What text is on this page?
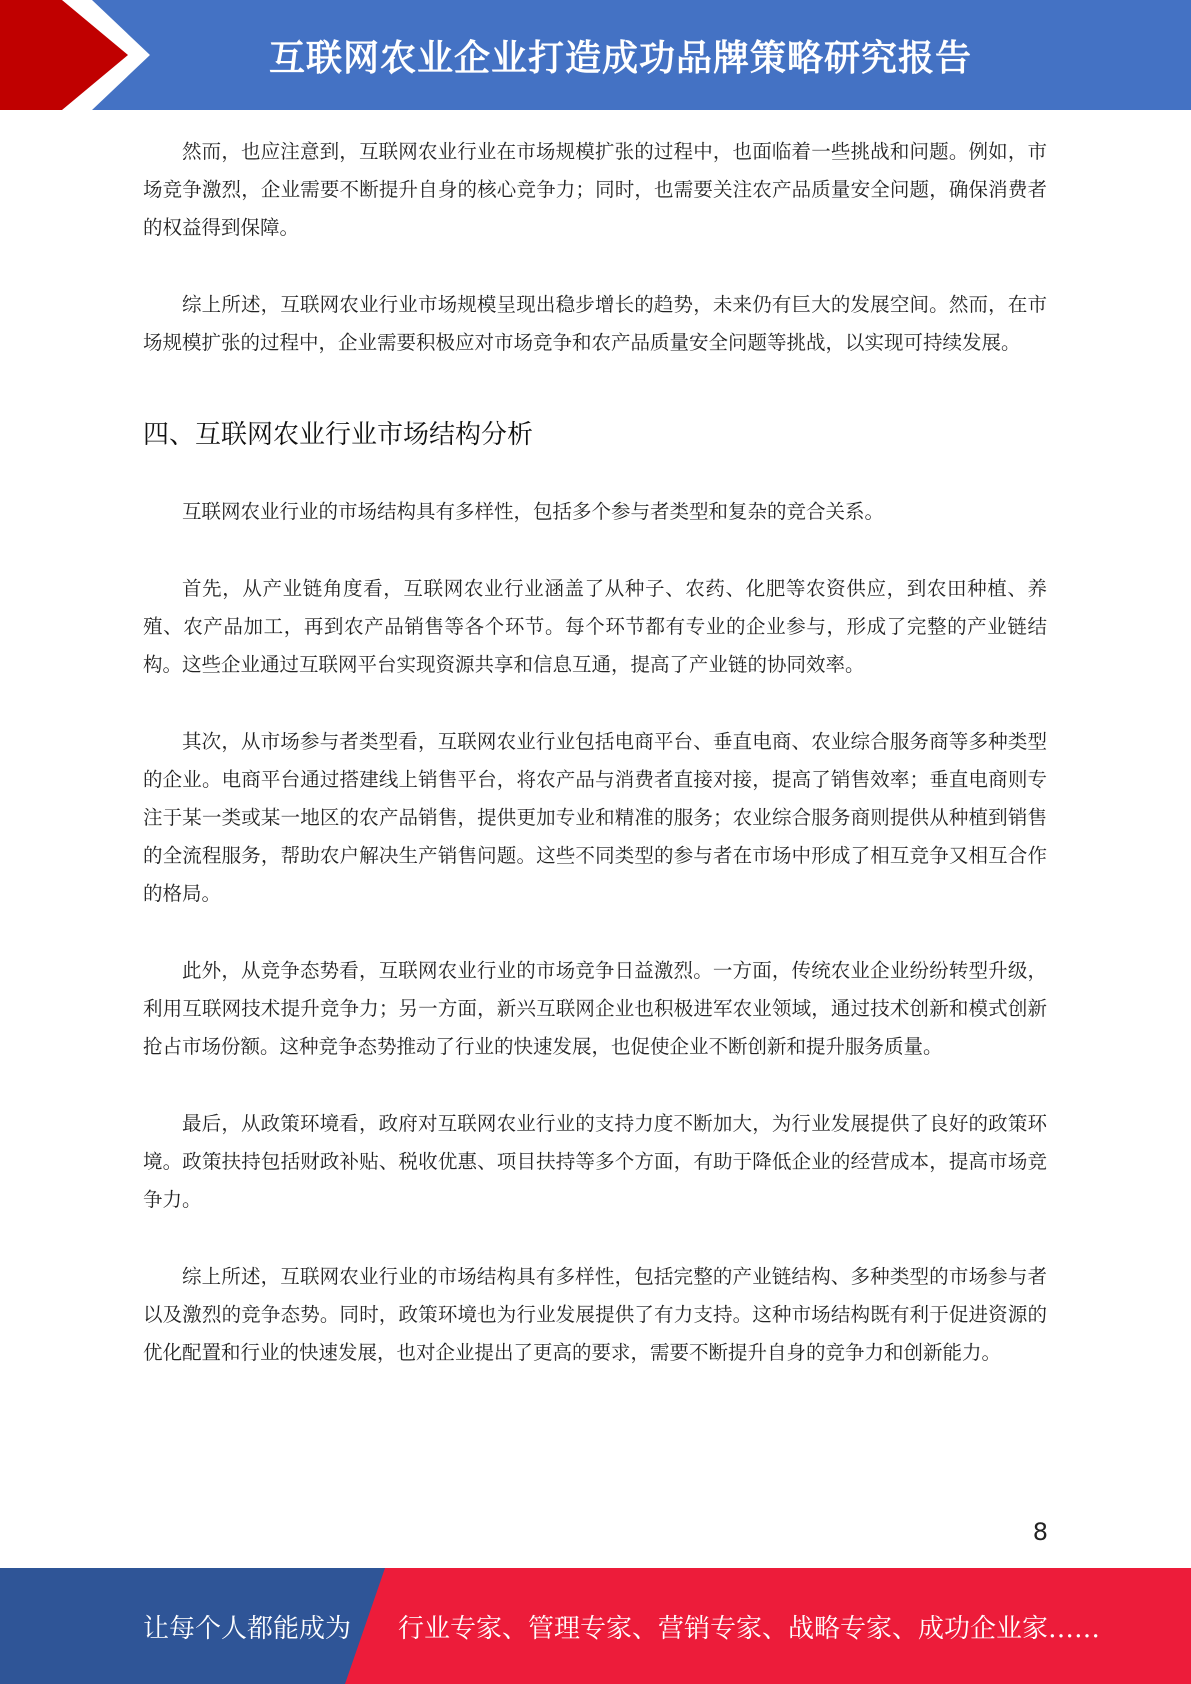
互联网农业企业打造成功品牌策略研究报告

然而，也应注意到，互联网农业行业在市场规模扩张的过程中，也面临着一些挑战和问题。例如，市场竞争激烈，企业需要不断提升自身的核心竞争力；同时，也需要关注农产品质量安全问题，确保消费者的权益得到保障。

综上所述，互联网农业行业市场规模呈现出稳步增长的趋势，未来仍有巨大的发展空间。然而，在市场规模扩张的过程中，企业需要积极应对市场竞争和农产品质量安全问题等挑战，以实现可持续发展。

四、互联网农业行业市场结构分析

互联网农业行业的市场结构具有多样性，包括多个参与者类型和复杂的竞合关系。

首先，从产业链角度看，互联网农业行业涵盖了从种子、农药、化肥等农资供应，到农田种植、养殖、农产品加工，再到农产品销售等各个环节。每个环节都有专业的企业参与，形成了完整的产业链结构。这些企业通过互联网平台实现资源共享和信息互通，提高了产业链的协同效率。

其次，从市场参与者类型看，互联网农业行业包括电商平台、垂直电商、农业综合服务商等多种类型的企业。电商平台通过搭建线上销售平台，将农产品与消费者直接对接，提高了销售效率；垂直电商则专注于某一类或某一地区的农产品销售，提供更加专业和精准的服务；农业综合服务商则提供从种植到销售的全流程服务，帮助农户解决生产销售问题。这些不同类型的参与者在市场中形成了相互竞争又相互合作的格局。

此外，从竞争态势看，互联网农业行业的市场竞争日益激烈。一方面，传统农业企业纷纷转型升级，利用互联网技术提升竞争力；另一方面，新兴互联网企业也积极进军农业领域，通过技术创新和模式创新抢占市场份额。这种竞争态势推动了行业的快速发展，也促使企业不断创新和提升服务质量。

最后，从政策环境看，政府对互联网农业行业的支持力度不断加大，为行业发展提供了良好的政策环境。政策扶持包括财政补贴、税收优惠、项目扶持等多个方面，有助于降低企业的经营成本，提高市场竞争力。

综上所述，互联网农业行业的市场结构具有多样性，包括完整的产业链结构、多种类型的市场参与者以及激烈的竞争态势。同时，政策环境也为行业发展提供了有力支持。这种市场结构既有利于促进资源的优化配置和行业的快速发展，也对企业提出了更高的要求，需要不断提升自身的竞争力和创新能力。

8
让每个人都能成为 行业专家、管理专家、营销专家、战略专家、成功企业家……
